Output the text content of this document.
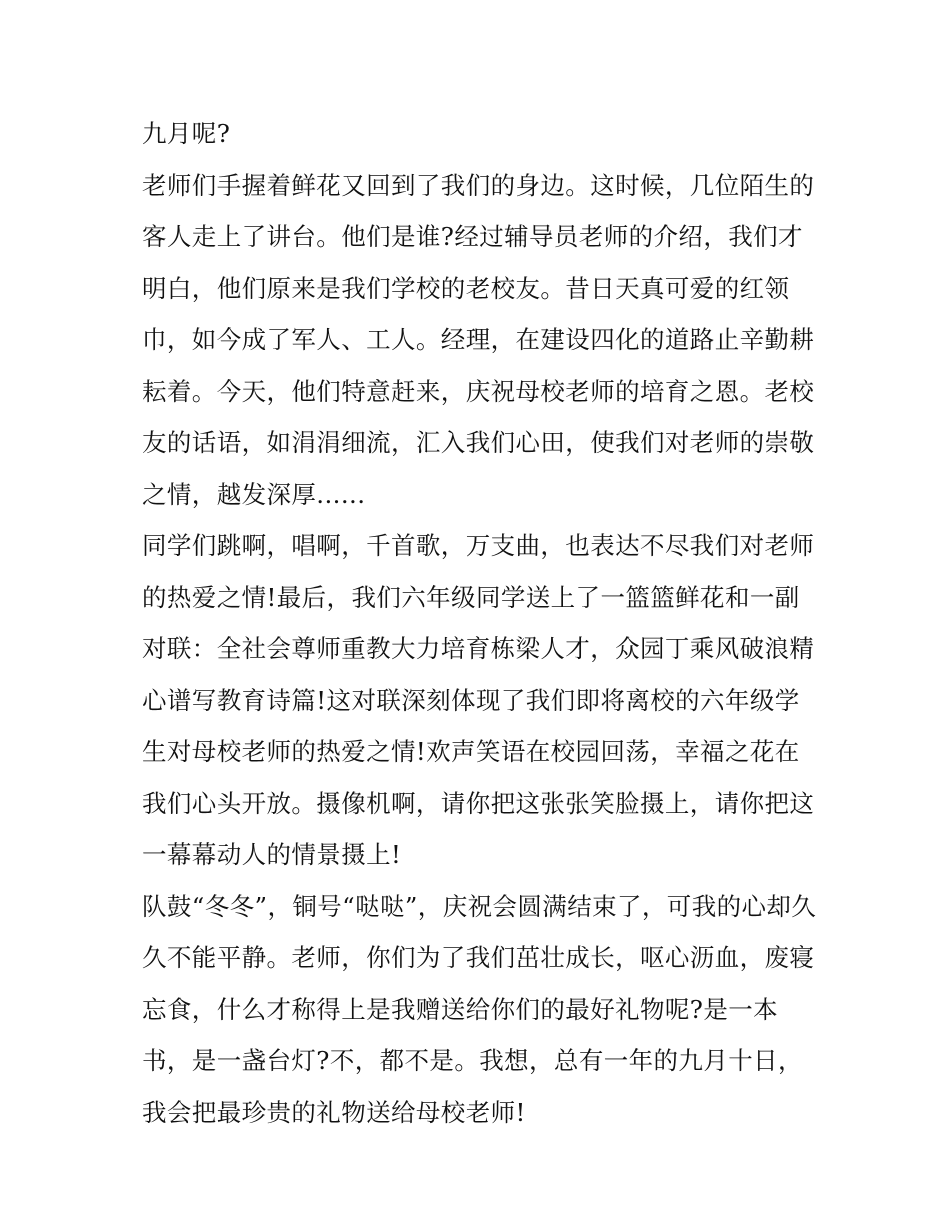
九月呢?
老师们手握着鲜花又回到了我们的身边。这时候，几位陌生的
客人走上了讲台。他们是谁?经过辅导员老师的介绍，我们才
明白，他们原来是我们学校的老校友。昔日天真可爱的红领
巾，如今成了军人、工人。经理，在建设四化的道路止辛勤耕
耘着。今天，他们特意赶来，庆祝母校老师的培育之恩。老校
友的话语，如涓涓细流，汇入我们心田，使我们对老师的崇敬
之情，越发深厚......
同学们跳啊，唱啊，千首歌，万支曲，也表达不尽我们对老师
的热爱之情!最后，我们六年级同学送上了一篮篮鲜花和一副
对联：全社会尊师重教大力培育栋梁人才，众园丁乘风破浪精
心谱写教育诗篇!这对联深刻体现了我们即将离校的六年级学
生对母校老师的热爱之情!欢声笑语在校园回荡，幸福之花在
我们心头开放。摄像机啊，请你把这张张笑脸摄上，请你把这
一幕幕动人的情景摄上!
队鼓“冬冬”，铜号“哒哒”，庆祝会圆满结束了，可我的心却久
久不能平静。老师，你们为了我们茁壮成长，呕心沥血，废寝
忘食，什么才称得上是我赠送给你们的最好礼物呢?是一本
书，是一盏台灯?不，都不是。我想，总有一年的九月十日，
我会把最珍贵的礼物送给母校老师!
